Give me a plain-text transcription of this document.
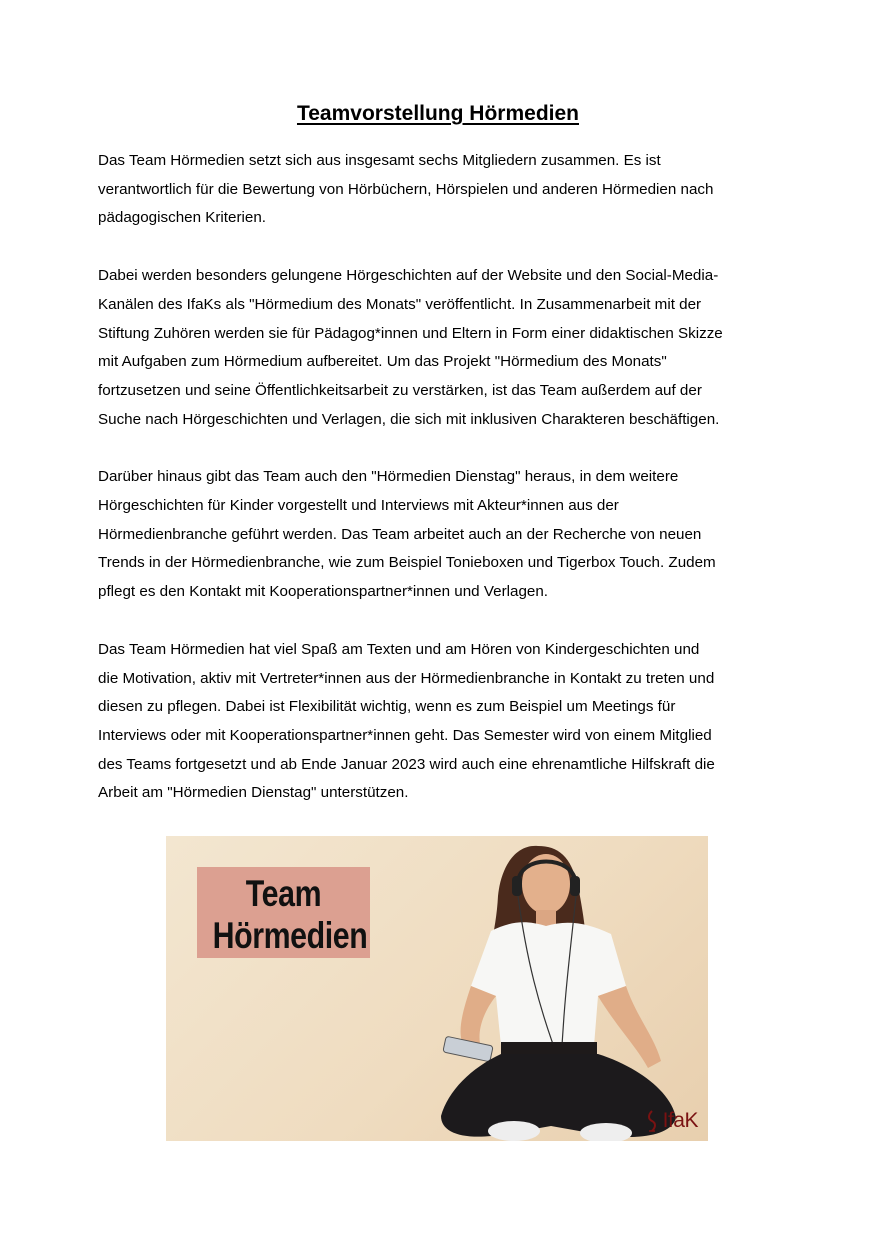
Teamvorstellung Hörmedien

Das Team Hörmedien setzt sich aus insgesamt sechs Mitgliedern zusammen. Es ist
verantwortlich für die Bewertung von Hörbüchern, Hörspielen und anderen Hörmedien nach
pädagogischen Kriterien.

Dabei werden besonders gelungene Hörgeschichten auf der Website und den Social-Media-
Kanälen des IfaKs als "Hörmedium des Monats" veröffentlicht. In Zusammenarbeit mit der
Stiftung Zuhören werden sie für Pädagog*innen und Eltern in Form einer didaktischen Skizze
mit Aufgaben zum Hörmedium aufbereitet. Um das Projekt "Hörmedium des Monats"
fortzusetzen und seine Öffentlichkeitsarbeit zu verstärken, ist das Team außerdem auf der
Suche nach Hörgeschichten und Verlagen, die sich mit inklusiven Charakteren beschäftigen.

Darüber hinaus gibt das Team auch den "Hörmedien Dienstag" heraus, in dem weitere
Hörgeschichten für Kinder vorgestellt und Interviews mit Akteur*innen aus der
Hörmedienbranche geführt werden. Das Team arbeitet auch an der Recherche von neuen
Trends in der Hörmedienbranche, wie zum Beispiel Tonieboxen und Tigerbox Touch. Zudem
pflegt es den Kontakt mit Kooperationspartner*innen und Verlagen.

Das Team Hörmedien hat viel Spaß am Texten und am Hören von Kindergeschichten und
die Motivation, aktiv mit Vertreter*innen aus der Hörmedienbranche in Kontakt zu treten und
diesen zu pflegen. Dabei ist Flexibilität wichtig, wenn es zum Beispiel um Meetings für
Interviews oder mit Kooperationspartner*innen geht. Das Semester wird von einem Mitglied
des Teams fortgesetzt und ab Ende Januar 2023 wird auch eine ehrenamtliche Hilfskraft die
Arbeit am "Hörmedien Dienstag" unterstützen.

Team
Hörmedien
IfaK
